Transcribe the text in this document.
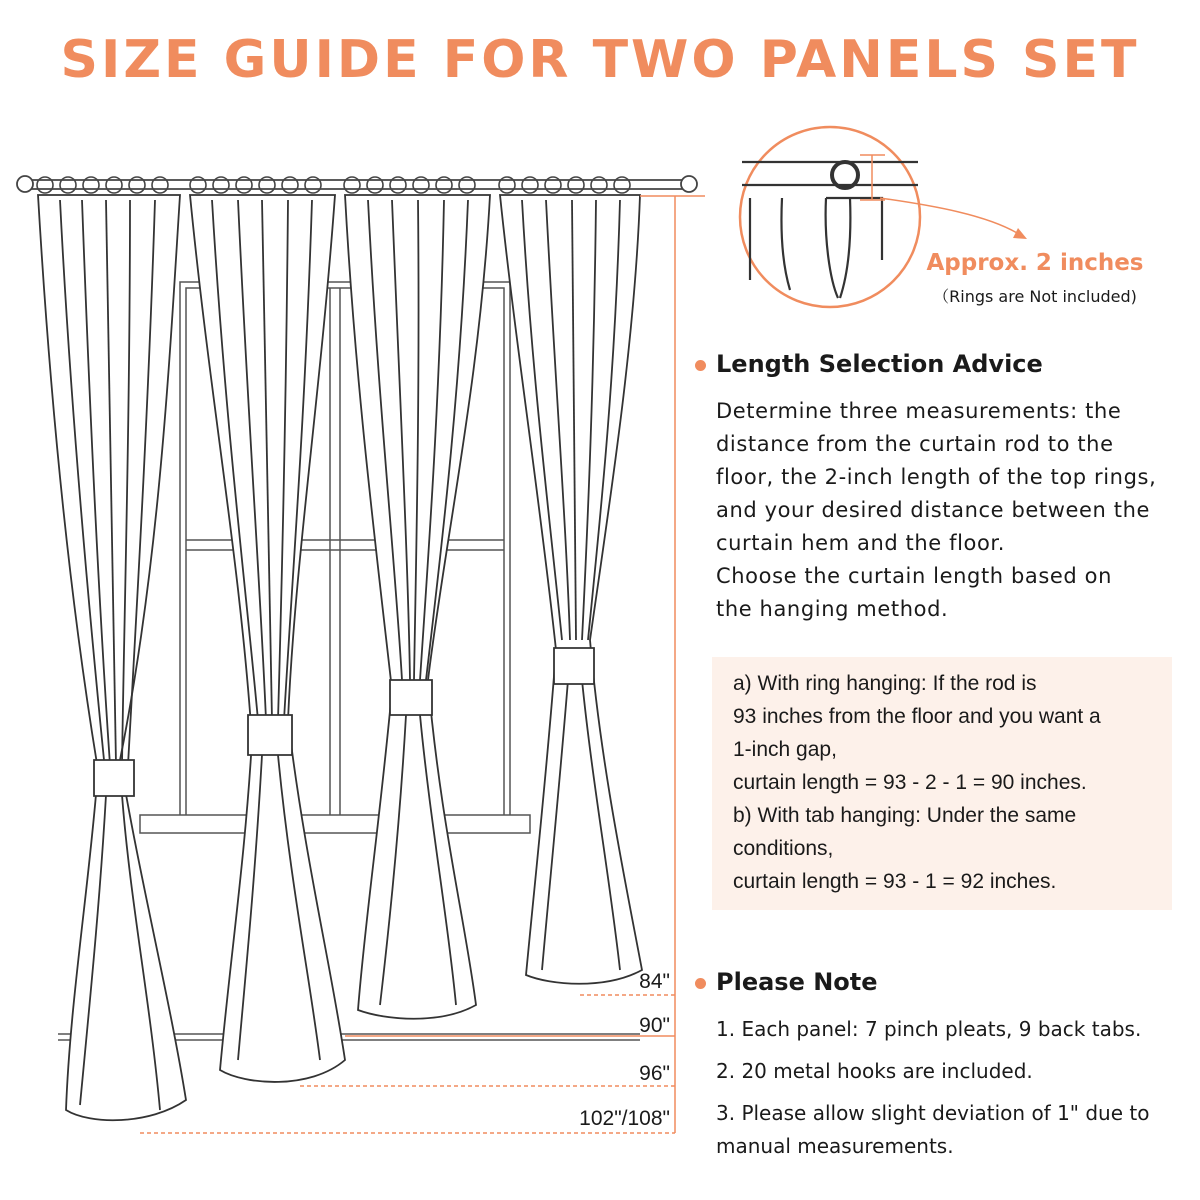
SIZE GUIDE FOR TWO PANELS SET
Approx. 2 inches
（Rings are Not included)
Length Selection Advice
Determine three measurements: the
distance from the curtain rod to the
floor, the 2-inch length of the top rings,
and your desired distance between the
curtain hem and the floor.
Choose the curtain length based on
the hanging method.
a) With ring hanging: If the rod is
93 inches from the floor and you want a
1-inch gap,
curtain length = 93 - 2 - 1 = 90 inches.
b) With tab hanging: Under the same
conditions,
curtain length = 93 - 1 = 92 inches.
Please Note
1. Each panel: 7 pinch pleats, 9 back tabs.
2. 20 metal hooks are included.
3. Please allow slight deviation of 1" due to
manual measurements.
84"
90"
96"
102"/108"
